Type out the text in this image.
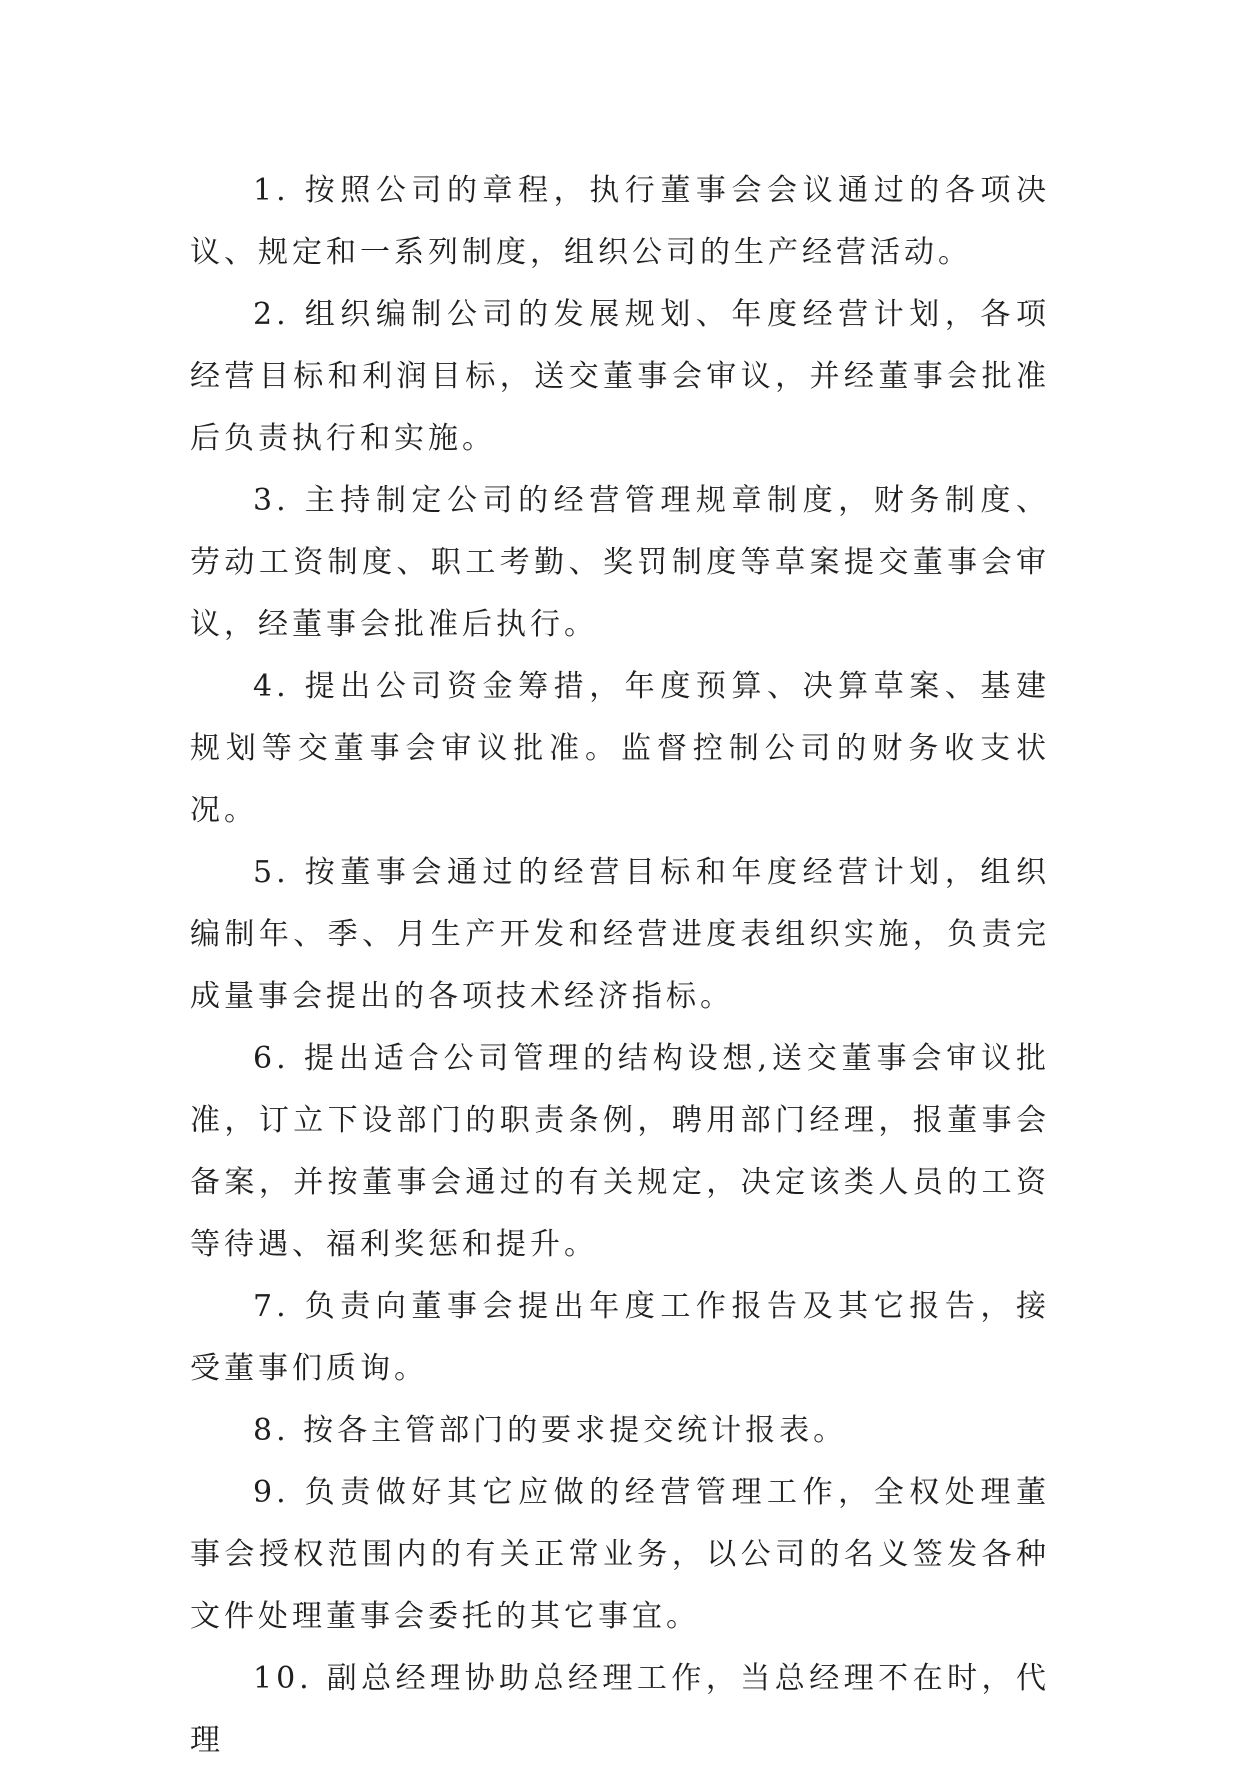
1. 按照公司的章程，执行董事会会议通过的各项决议、规定和一系列制度，组织公司的生产经营活动。

2. 组织编制公司的发展规划、年度经营计划，各项经营目标和利润目标，送交董事会审议，并经董事会批准后负责执行和实施。

3. 主持制定公司的经营管理规章制度，财务制度、劳动工资制度、职工考勤、奖罚制度等草案提交董事会审议，经董事会批准后执行。

4. 提出公司资金筹措，年度预算、决算草案、基建规划等交董事会审议批准。监督控制公司的财务收支状况。

5. 按董事会通过的经营目标和年度经营计划，组织编制年、季、月生产开发和经营进度表组织实施，负责完成量事会提出的各项技术经济指标。

6. 提出适合公司管理的结构设想,送交董事会审议批准，订立下设部门的职责条例，聘用部门经理，报董事会备案，并按董事会通过的有关规定，决定该类人员的工资等待遇、福利奖惩和提升。

7. 负责向董事会提出年度工作报告及其它报告，接受董事们质询。

8. 按各主管部门的要求提交统计报表。

9. 负责做好其它应做的经营管理工作，全权处理董事会授权范围内的有关正常业务，以公司的名义签发各种文件处理董事会委托的其它事宜。

10. 副总经理协助总经理工作，当总经理不在时，代理
